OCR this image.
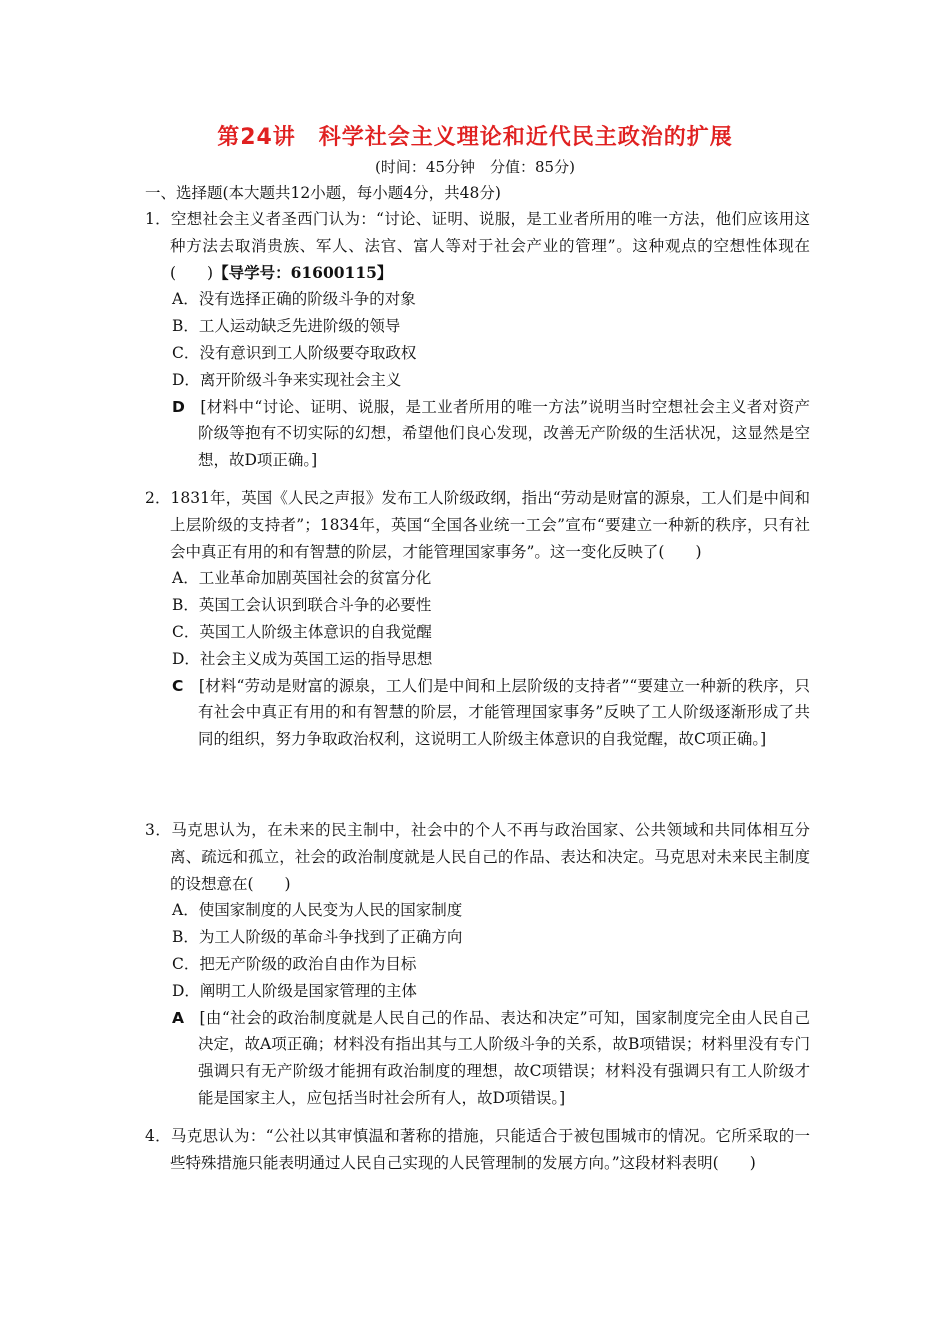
第24讲　科学社会主义理论和近代民主政治的扩展
(时间：45分钟　分值：85分)
一、选择题(本大题共12小题，每小题4分，共48分)
1．空想社会主义者圣西门认为：“讨论、证明、说服，是工业者所用的唯一方法，他们应该用这种方法去取消贵族、军人、法官、富人等对于社会产业的管理”。这种观点的空想性体现在(　　)【导学号：61600115】
A．没有选择正确的阶级斗争的对象
B．工人运动缺乏先进阶级的领导
C．没有意识到工人阶级要夺取政权
D．离开阶级斗争来实现社会主义
D  [材料中“讨论、证明、说服，是工业者所用的唯一方法”说明当时空想社会主义者对资产阶级等抱有不切实际的幻想，希望他们良心发现，改善无产阶级的生活状况，这显然是空想，故D项正确。]
2．1831年，英国《人民之声报》发布工人阶级政纲，指出“劳动是财富的源泉，工人们是中间和上层阶级的支持者”；1834年，英国“全国各业统一工会”宣布“要建立一种新的秩序，只有社会中真正有用的和有智慧的阶层，才能管理国家事务”。这一变化反映了(　　)
A．工业革命加剧英国社会的贫富分化
B．英国工会认识到联合斗争的必要性
C．英国工人阶级主体意识的自我觉醒
D．社会主义成为英国工运的指导思想
C  [材料“劳动是财富的源泉，工人们是中间和上层阶级的支持者”“要建立一种新的秩序，只有社会中真正有用的和有智慧的阶层，才能管理国家事务”反映了工人阶级逐渐形成了共同的组织，努力争取政治权利，这说明工人阶级主体意识的自我觉醒，故C项正确。]
3．马克思认为，在未来的民主制中，社会中的个人不再与政治国家、公共领域和共同体相互分离、疏远和孤立，社会的政治制度就是人民自己的作品、表达和决定。马克思对未来民主制度的设想意在(　　)
A．使国家制度的人民变为人民的国家制度
B．为工人阶级的革命斗争找到了正确方向
C．把无产阶级的政治自由作为目标
D．阐明工人阶级是国家管理的主体
A  [由“社会的政治制度就是人民自己的作品、表达和决定”可知，国家制度完全由人民自己决定，故A项正确；材料没有指出其与工人阶级斗争的关系，故B项错误；材料里没有专门强调只有无产阶级才能拥有政治制度的理想，故C项错误；材料没有强调只有工人阶级才能是国家主人，应包括当时社会所有人，故D项错误。]
4．马克思认为：“公社以其审慎温和著称的措施，只能适合于被包围城市的情况。它所采取的一些特殊措施只能表明通过人民自己实现的人民管理制的发展方向。”这段材料表明(　　)
